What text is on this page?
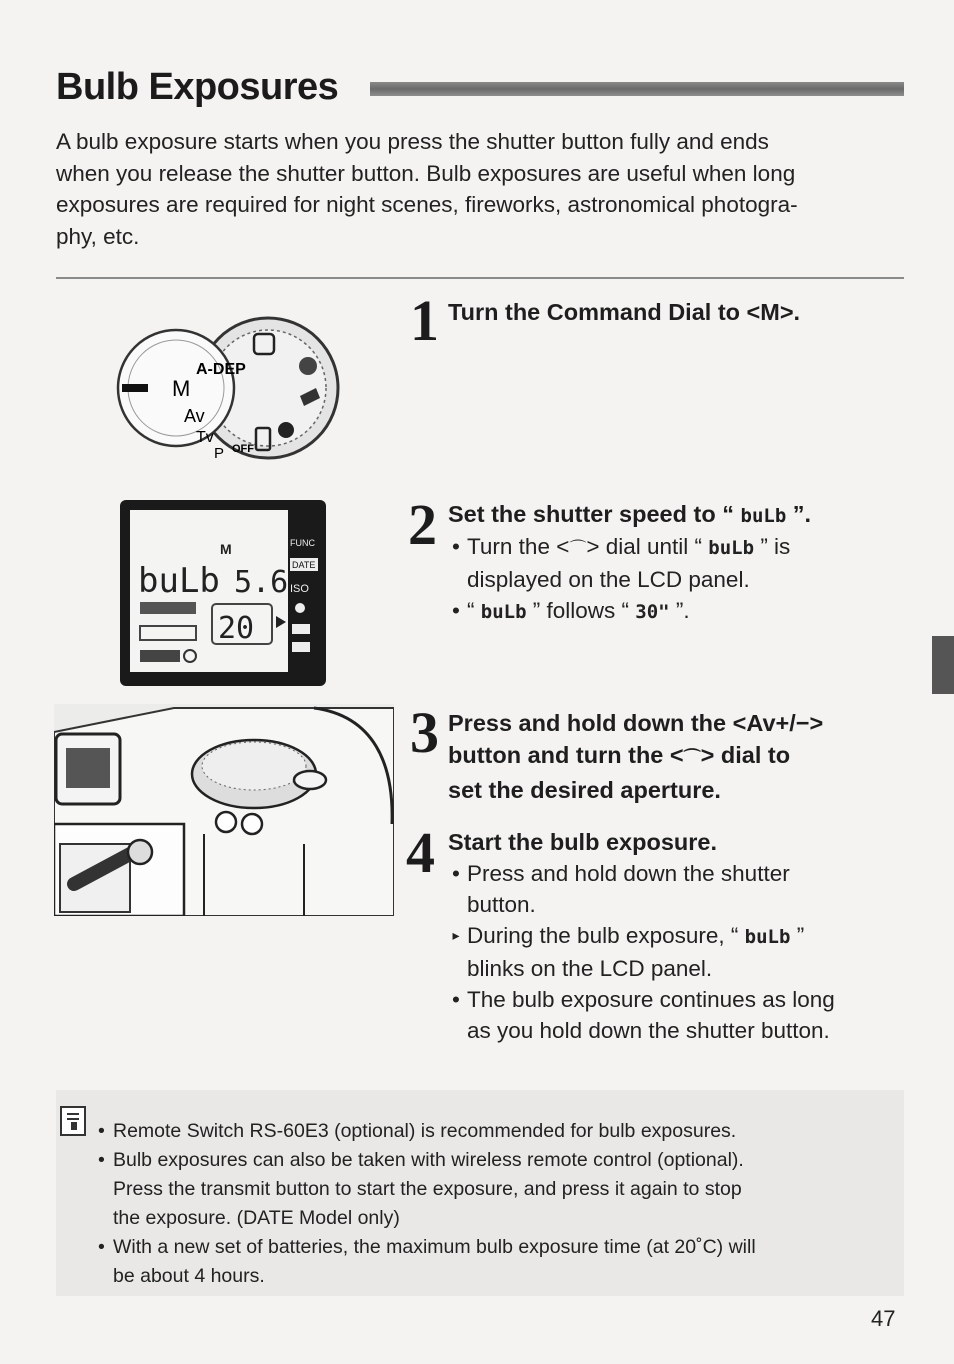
Bulb Exposures
A bulb exposure starts when you press the shutter button fully and ends
when you release the shutter button. Bulb exposures are useful when long
exposures are required for night scenes, fireworks, astronomical photogra-
phy, etc.
A-DEP
M
Av
Tv
P OFF
1 Turn the Command Dial to <M>.
M
buLb 5.6
20
FUNC
DATE
ISO
2 Set the shutter speed to “ buLb ”.
• Turn the <⌒> dial until “ buLb ” is
displayed on the LCD panel.
• “ buLb ” follows “ 30" ”.
3 Press and hold down the <Av+/−>
button and turn the <⌒> dial to
set the desired aperture.
4 Start the bulb exposure.
• Press and hold down the shutter
button.
▸ During the bulb exposure, “ buLb ”
blinks on the LCD panel.
• The bulb exposure continues as long
as you hold down the shutter button.
• Remote Switch RS-60E3 (optional) is recommended for bulb exposures.
• Bulb exposures can also be taken with wireless remote control (optional).
Press the transmit button to start the exposure, and press it again to stop
the exposure. (DATE Model only)
• With a new set of batteries, the maximum bulb exposure time (at 20˚C) will
be about 4 hours.
47
